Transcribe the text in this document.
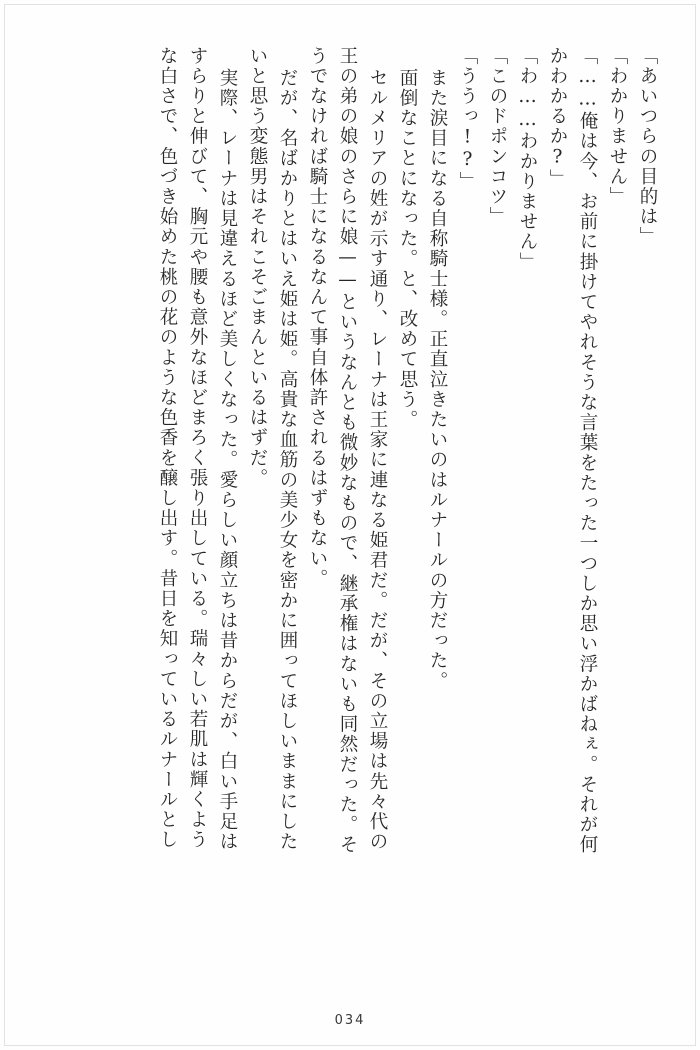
「あいつらの目的は」
「わかりません」
「……俺は今、お前に掛けてやれそうな言葉をたった一つしか思い浮かばねぇ。それが何
かわかるか?」
「わ……わかりません」
「このドポンコツ」
「ううっ!?」
また涙目になる自称騎士様。正直泣きたいのはルナールの方だった。
面倒なことになった。と、改めて思う。
セルメリアの姓が示す通り、レーナは王家に連なる姫君だ。だが、その立場は先々代の
王の弟の娘のさらに娘——というなんとも微妙なもので、継承権はないも同然だった。そ
うでなければ騎士になるなんて事自体許されるはずもない。
だが、名ばかりとはいえ姫は姫。高貴な血筋の美少女を密かに囲ってほしいままにした
いと思う変態男はそれこそごまんといるはずだ。
実際、レーナは見違えるほど美しくなった。愛らしい顔立ちは昔からだが、白い手足は
すらりと伸びて、胸元や腰も意外なほどまろく張り出している。瑞々しい若肌は輝くよう
な白さで、色づき始めた桃の花のような色香を醸し出す。昔日を知っているルナールとし
034
